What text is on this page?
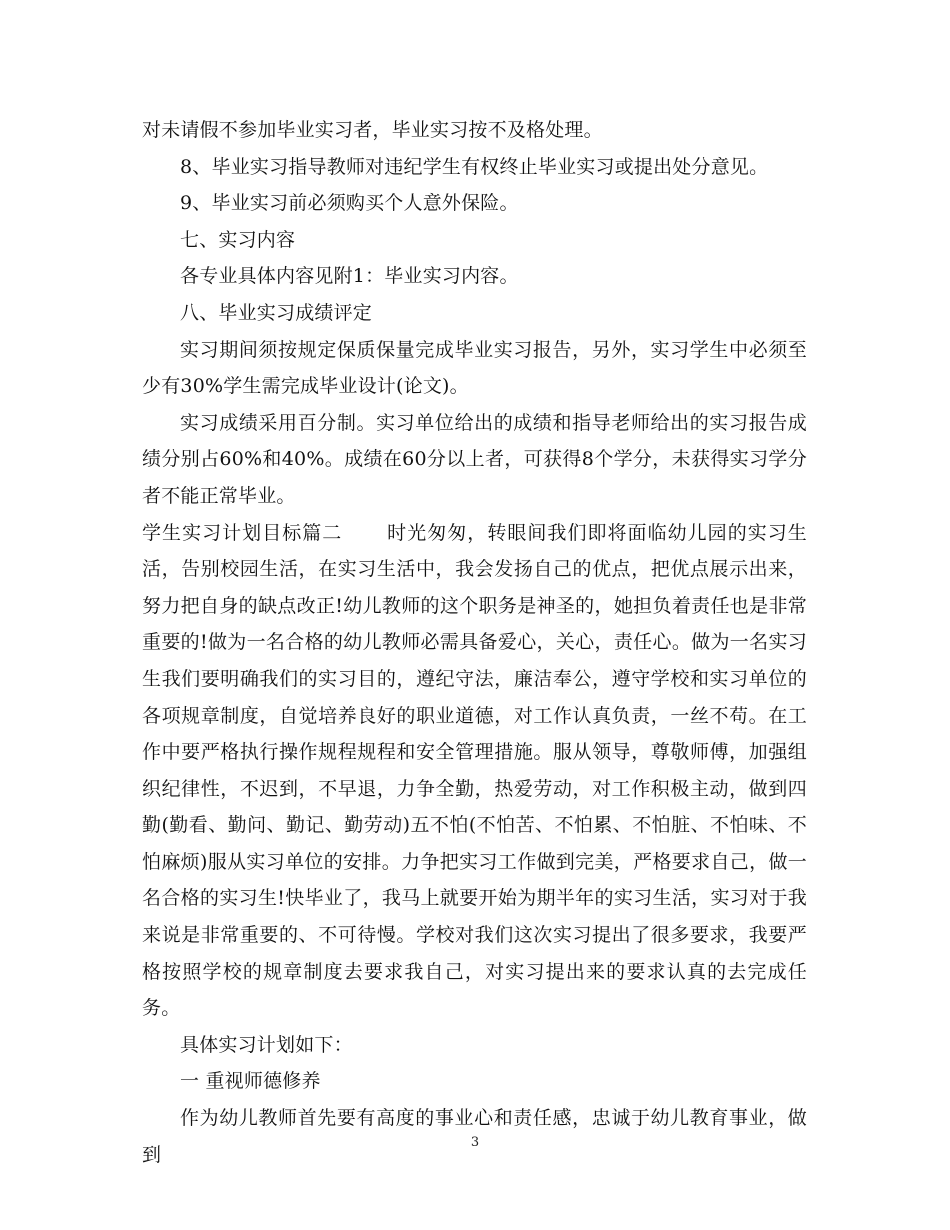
对未请假不参加毕业实习者，毕业实习按不及格处理。

8、毕业实习指导教师对违纪学生有权终止毕业实习或提出处分意见。

9、毕业实习前必须购买个人意外保险。

七、实习内容

各专业具体内容见附1：毕业实习内容。

八、毕业实习成绩评定

实习期间须按规定保质保量完成毕业实习报告，另外，实习学生中必须至少有30%学生需完成毕业设计(论文)。

实习成绩采用百分制。实习单位给出的成绩和指导老师给出的实习报告成绩分别占60%和40%。成绩在60分以上者，可获得8个学分，未获得实习学分者不能正常毕业。

学生实习计划目标篇二 时光匆匆，转眼间我们即将面临幼儿园的实习生活，告别校园生活，在实习生活中，我会发扬自己的优点，把优点展示出来，努力把自身的缺点改正!幼儿教师的这个职务是神圣的，她担负着责任也是非常重要的!做为一名合格的幼儿教师必需具备爱心，关心，责任心。做为一名实习生我们要明确我们的实习目的，遵纪守法，廉洁奉公，遵守学校和实习单位的各项规章制度，自觉培养良好的职业道德，对工作认真负责，一丝不苟。在工作中要严格执行操作规程规程和安全管理措施。服从领导，尊敬师傅，加强组织纪律性，不迟到，不早退，力争全勤，热爱劳动，对工作积极主动，做到四勤(勤看、勤问、勤记、勤劳动)五不怕(不怕苦、不怕累、不怕脏、不怕味、不怕麻烦)服从实习单位的安排。力争把实习工作做到完美，严格要求自己，做一名合格的实习生!快毕业了，我马上就要开始为期半年的实习生活，实习对于我来说是非常重要的、不可待慢。学校对我们这次实习提出了很多要求，我要严格按照学校的规章制度去要求我自己，对实习提出来的要求认真的去完成任务。

具体实习计划如下：

一 重视师德修养

作为幼儿教师首先要有高度的事业心和责任感，忠诚于幼儿教育事业，做到

3
